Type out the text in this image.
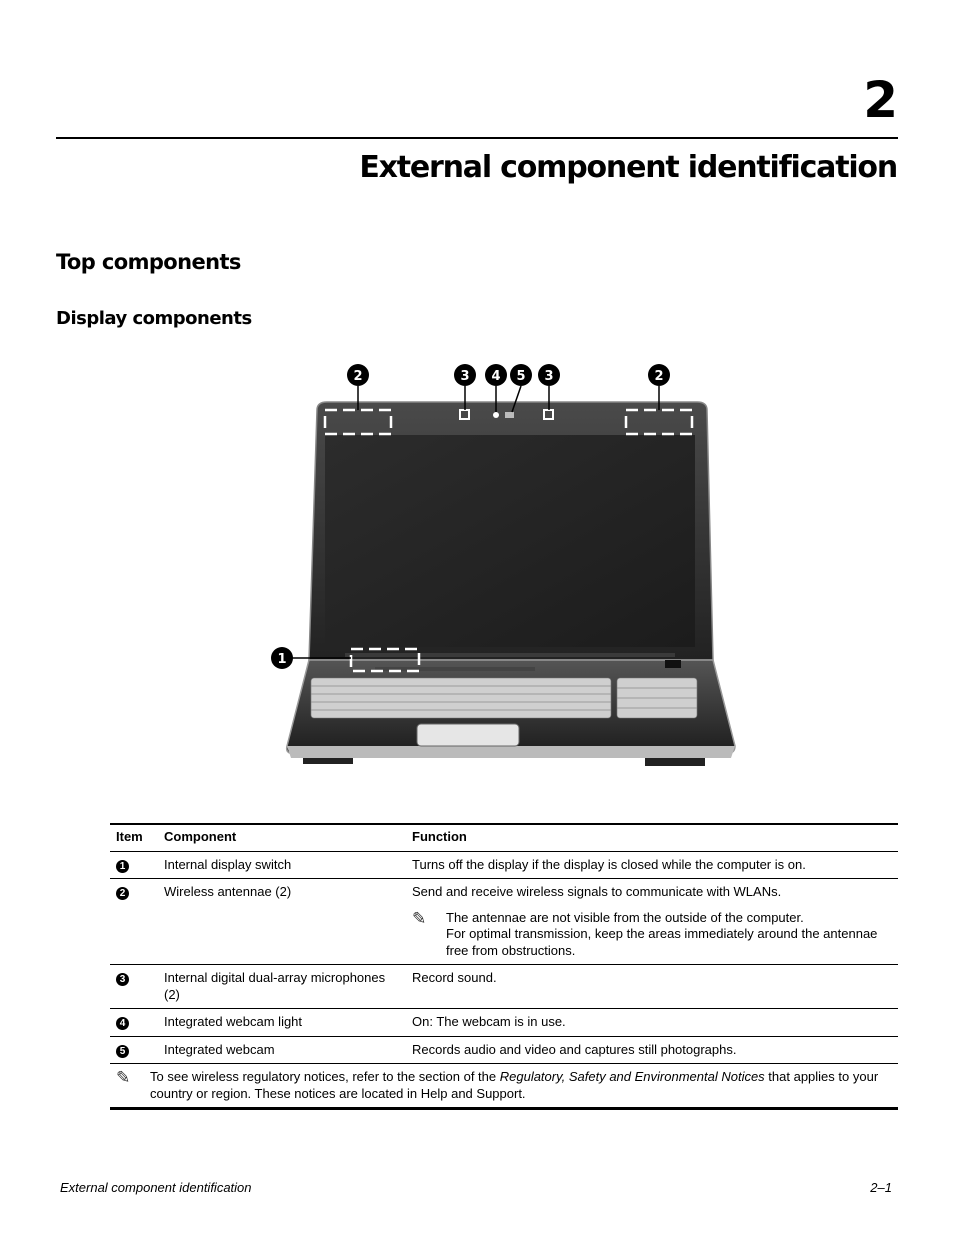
2
External component identification
Top components
Display components
2	3 4 5 3	2
1
Item	Component	Function
1	Internal display switch	Turns off the display if the display is closed while the computer is on.
2	Wireless antennae (2)	Send and receive wireless signals to communicate with WLANs.
✎ The antennae are not visible from the outside of the computer.
For optimal transmission, keep the areas immediately around the antennae free from obstructions.

3	Internal digital dual-array microphones (2)	Record sound.
4	Integrated webcam light	On: The webcam is in use.
5	Integrated webcam	Records audio and video and captures still photographs.

✎ To see wireless regulatory notices, refer to the section of the Regulatory, Safety and Environmental Notices that applies to your country or region. These notices are located in Help and Support.		
External component identification	2–1
